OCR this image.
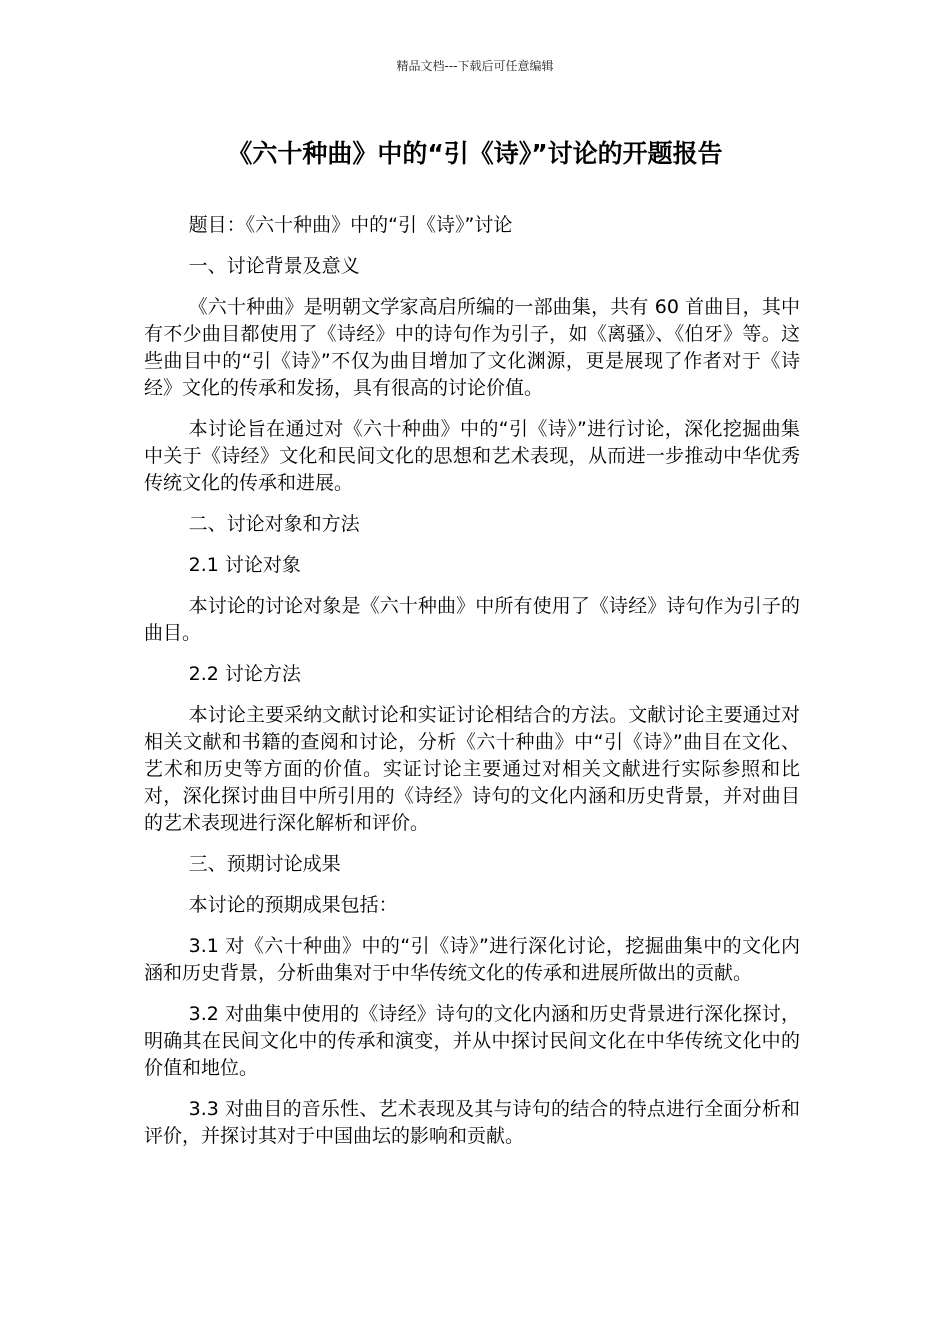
精品文档---下载后可任意编辑
《六十种曲》中的“引《诗》”讨论的开题报告

题目：《六十种曲》中的“引《诗》”讨论

一、讨论背景及意义

《六十种曲》是明朝文学家高启所编的一部曲集，共有 60 首曲目，其中有不少曲目都使用了《诗经》中的诗句作为引子，如《离骚》、《伯牙》等。这些曲目中的“引《诗》”不仅为曲目增加了文化渊源，更是展现了作者对于《诗经》文化的传承和发扬，具有很高的讨论价值。

本讨论旨在通过对《六十种曲》中的“引《诗》”进行讨论，深化挖掘曲集中关于《诗经》文化和民间文化的思想和艺术表现，从而进一步推动中华优秀传统文化的传承和进展。

二、讨论对象和方法

2.1 讨论对象

本讨论的讨论对象是《六十种曲》中所有使用了《诗经》诗句作为引子的曲目。

2.2 讨论方法

本讨论主要采纳文献讨论和实证讨论相结合的方法。文献讨论主要通过对相关文献和书籍的查阅和讨论，分析《六十种曲》中“引《诗》”曲目在文化、艺术和历史等方面的价值。实证讨论主要通过对相关文献进行实际参照和比对，深化探讨曲目中所引用的《诗经》诗句的文化内涵和历史背景，并对曲目的艺术表现进行深化解析和评价。

三、预期讨论成果

本讨论的预期成果包括：

3.1 对《六十种曲》中的“引《诗》”进行深化讨论，挖掘曲集中的文化内涵和历史背景，分析曲集对于中华传统文化的传承和进展所做出的贡献。

3.2 对曲集中使用的《诗经》诗句的文化内涵和历史背景进行深化探讨，明确其在民间文化中的传承和演变，并从中探讨民间文化在中华传统文化中的价值和地位。

3.3 对曲目的音乐性、艺术表现及其与诗句的结合的特点进行全面分析和评价，并探讨其对于中国曲坛的影响和贡献。
